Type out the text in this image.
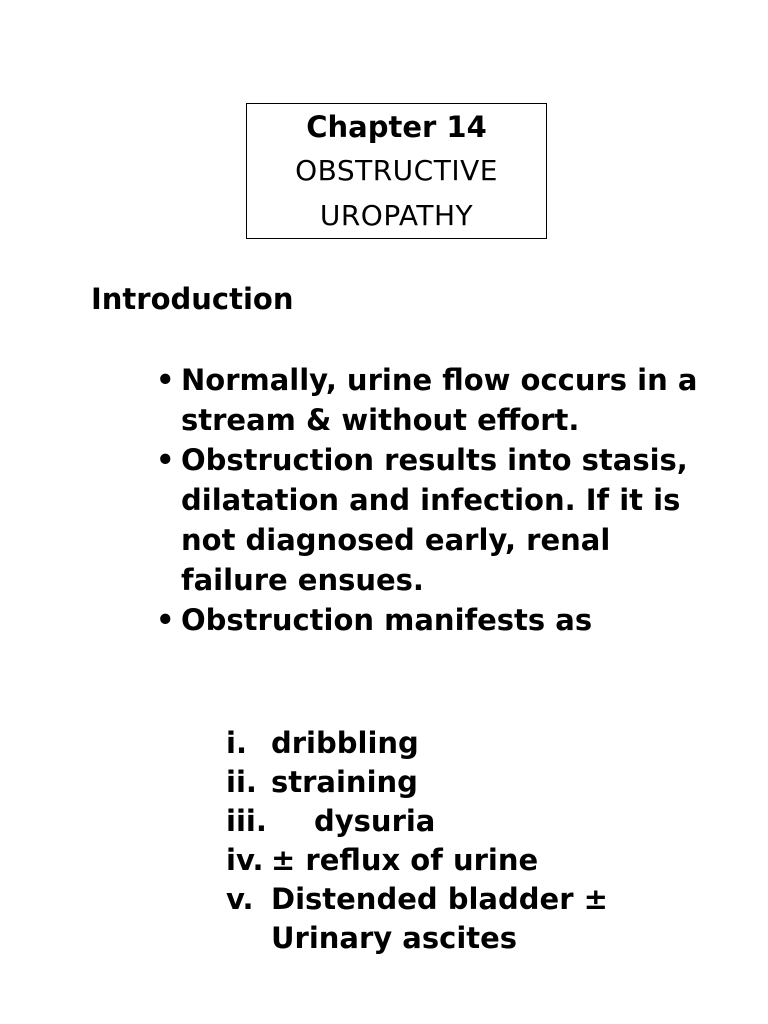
Chapter 14
OBSTRUCTIVE
UROPATHY
Introduction
• Normally, urine flow occurs in a stream & without effort.
• Obstruction results into stasis, dilatation and infection. If it is not diagnosed early, renal failure ensues.
• Obstruction manifests as
i. dribbling
ii. straining
iii. dysuria
iv. ± reflux of urine
v. Distended bladder ± Urinary ascites
